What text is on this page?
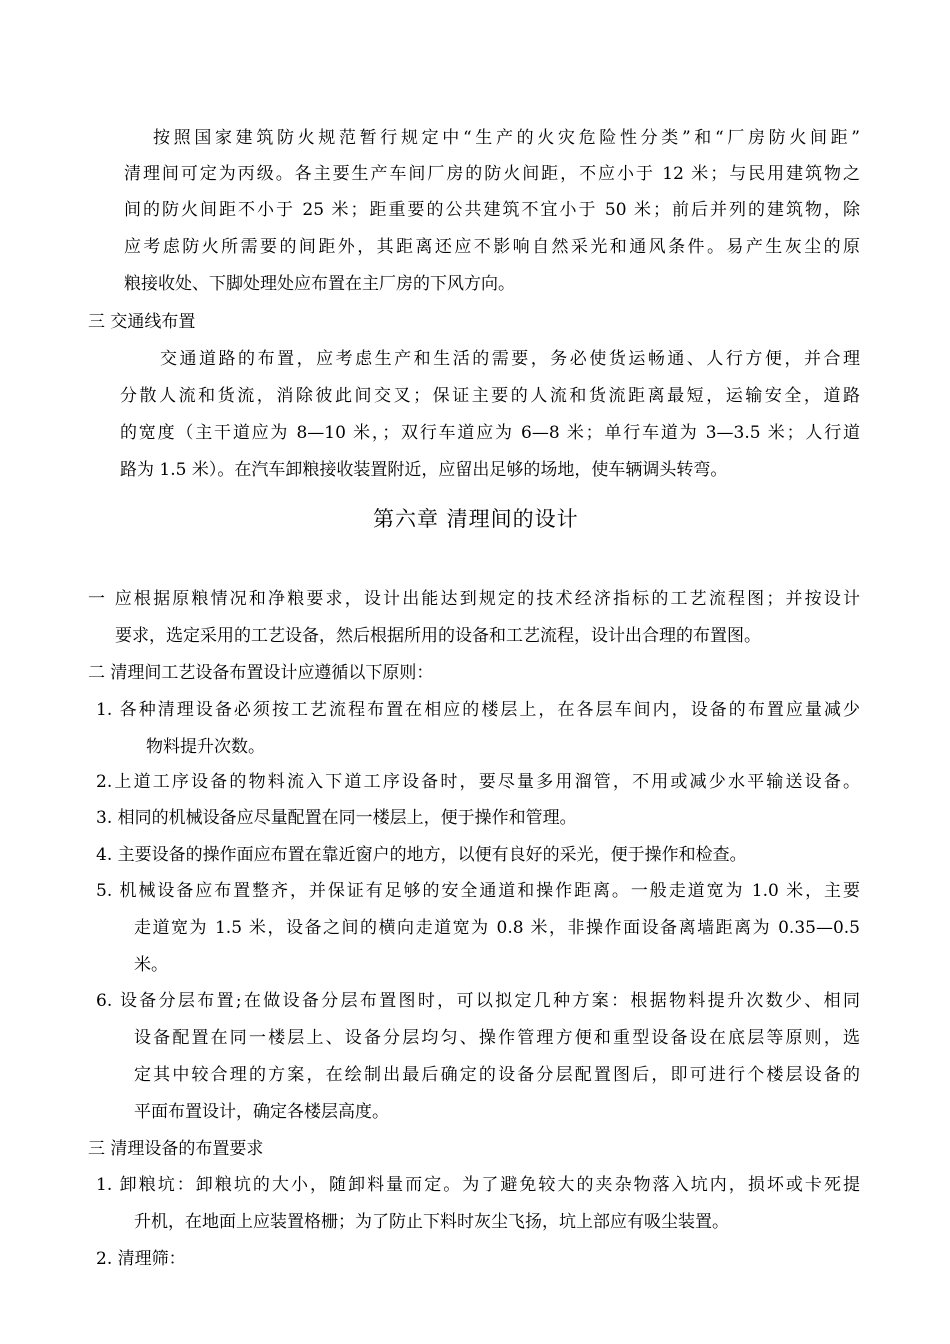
按照国家建筑防火规范暂行规定中“生产的火灾危险性分类”和“厂房防火间距”
清理间可定为丙级。各主要生产车间厂房的防火间距，不应小于 12 米；与民用建筑物之
间的防火间距不小于 25 米；距重要的公共建筑不宜小于 50 米；前后并列的建筑物，除
应考虑防火所需要的间距外，其距离还应不影响自然采光和通风条件。易产生灰尘的原
粮接收处、下脚处理处应布置在主厂房的下风方向。
三 交通线布置
交通道路的布置，应考虑生产和生活的需要，务必使货运畅通、人行方便，并合理
分散人流和货流，消除彼此间交叉；保证主要的人流和货流距离最短，运输安全，道路
的宽度（主干道应为 8—10 米，；双行车道应为 6—8 米；单行车道为 3—3.5 米；人行道
路为 1.5 米）。在汽车卸粮接收装置附近，应留出足够的场地，使车辆调头转弯。
第六章 清理间的设计
一 应根据原粮情况和净粮要求，设计出能达到规定的技术经济指标的工艺流程图；并按设计
要求，选定采用的工艺设备，然后根据所用的设备和工艺流程，设计出合理的布置图。
二 清理间工艺设备布置设计应遵循以下原则：
1. 各种清理设备必须按工艺流程布置在相应的楼层上，在各层车间内，设备的布置应量减少
物料提升次数。
2.上道工序设备的物料流入下道工序设备时，要尽量多用溜管，不用或减少水平输送设备。
3. 相同的机械设备应尽量配置在同一楼层上，便于操作和管理。
4. 主要设备的操作面应布置在靠近窗户的地方，以便有良好的采光，便于操作和检查。
5. 机械设备应布置整齐，并保证有足够的安全通道和操作距离。一般走道宽为 1.0 米，主要
走道宽为 1.5 米，设备之间的横向走道宽为 0.8 米，非操作面设备离墙距离为 0.35—0.5
米。
6. 设备分层布置;在做设备分层布置图时，可以拟定几种方案：根据物料提升次数少、相同
设备配置在同一楼层上、设备分层均匀、操作管理方便和重型设备设在底层等原则，选
定其中较合理的方案，在绘制出最后确定的设备分层配置图后，即可进行个楼层设备的
平面布置设计，确定各楼层高度。
三 清理设备的布置要求
1. 卸粮坑：卸粮坑的大小，随卸料量而定。为了避免较大的夹杂物落入坑内，损坏或卡死提
升机，在地面上应装置格栅；为了防止下料时灰尘飞扬，坑上部应有吸尘装置。
2. 清理筛：
